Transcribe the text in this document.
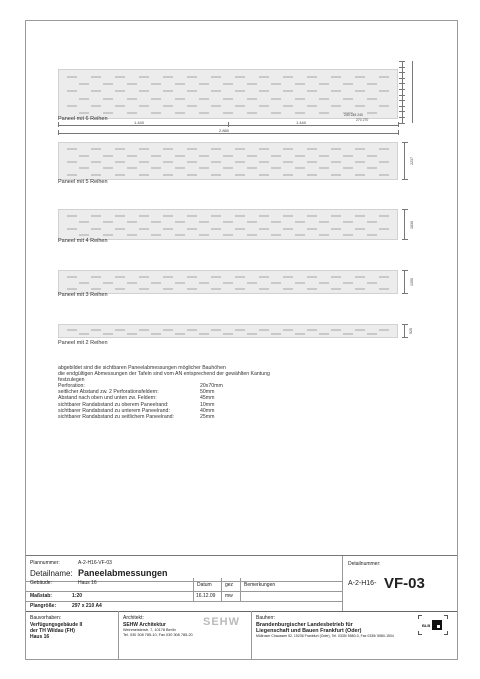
Paneel mit 6 Reihen
Paneel mit 5 Reihen
2237
Paneel mit 4 Reihen
1830
Paneel mit 3 Reihen
1350
Paneel mit 2 Reihen
925
1.440	1.440
2.880
240 245 240
270 270
abgebildet sind die sichtbaren Paneelabmessungen möglicher Bauhöhen
die endgültigen Abmessungen der Tafeln sind vom AN entsprechend der gewählten Kantung
festzulegen
Perforation:	20x70mm
seitlicher Abstand zw. 2 Perforationsfeldern:	50mm
Abstand nach oben und unten zw. Feldern:	45mm
sichtbarer Randabstand zu oberem Paneelrand:	10mm
sichtbarer Randabstand zu unterem Paneelrand:	40mm
sichtbarer Randabstand zu seitlichem Paneelrand:	25mm
Plannummer:	A-2-H16-VF-03
Detailname: Paneelabmessungen
Gebäude:	Haus 16	Datum	gez Bemerkungen
Maßstab:	1:20	16.12.09 mw
Plangröße:	297 x 210 A4
Detailnummer:
A-2-H16- VF-03
Bauvorhaben:
Verfügungsgebäude II
der TH Wildau (FH)
Haus 16
Architekt:
SEHW Architektur
Weinmeisterstr. 7, 10178 Berlin
Tel. 030 308 785-10, Fax 030 308 785-20
SEHW	Bauherr:
Brandenburgischer Landesbetrieb für
Liegenschaft und Bauen Frankfurt (Oder)
Müllroser Chaussee 52, 15236 Frankfurt (Oder), Tel. 0335/ 5580-0, Fax 0335/ 5580-1504
BLB
